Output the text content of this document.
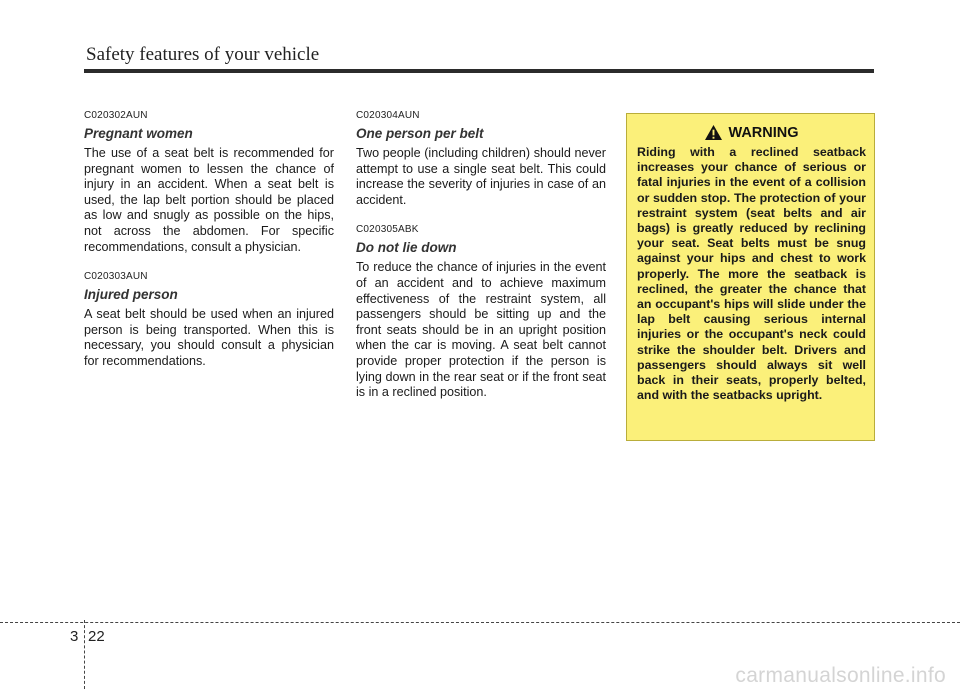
Safety features of your vehicle
C020302AUN
Pregnant women

The use of a seat belt is recommended for pregnant women to lessen the chance of injury in an accident. When a seat belt is used, the lap belt portion should be placed as low and snugly as possible on the hips, not across the abdomen. For specific recommendations, consult a physician.

C020303AUN
Injured person

A seat belt should be used when an injured person is being transported. When this is necessary, you should consult a physician for recommendations.

C020304AUN
One person per belt

Two people (including children) should never attempt to use a single seat belt. This could increase the severity of injuries in case of an accident.

C020305ABK
Do not lie down

To reduce the chance of injuries in the event of an accident and to achieve maximum effectiveness of the restraint system, all passengers should be sitting up and the front seats should be in an upright position when the car is moving. A seat belt cannot provide proper protection if the person is lying down in the rear seat or if the front seat is in a reclined position.

WARNING

Riding with a reclined seatback increases your chance of serious or fatal injuries in the event of a collision or sudden stop. The protection of your restraint system (seat belts and air bags) is greatly reduced by reclining your seat. Seat belts must be snug against your hips and chest to work properly. The more the seatback is reclined, the greater the chance that an occupant's hips will slide under the lap belt causing serious internal injuries or the occupant's neck could strike the shoulder belt. Drivers and passengers should always sit well back in their seats, properly belted, and with the seatbacks upright.

3 22
carmanualsonline.info
